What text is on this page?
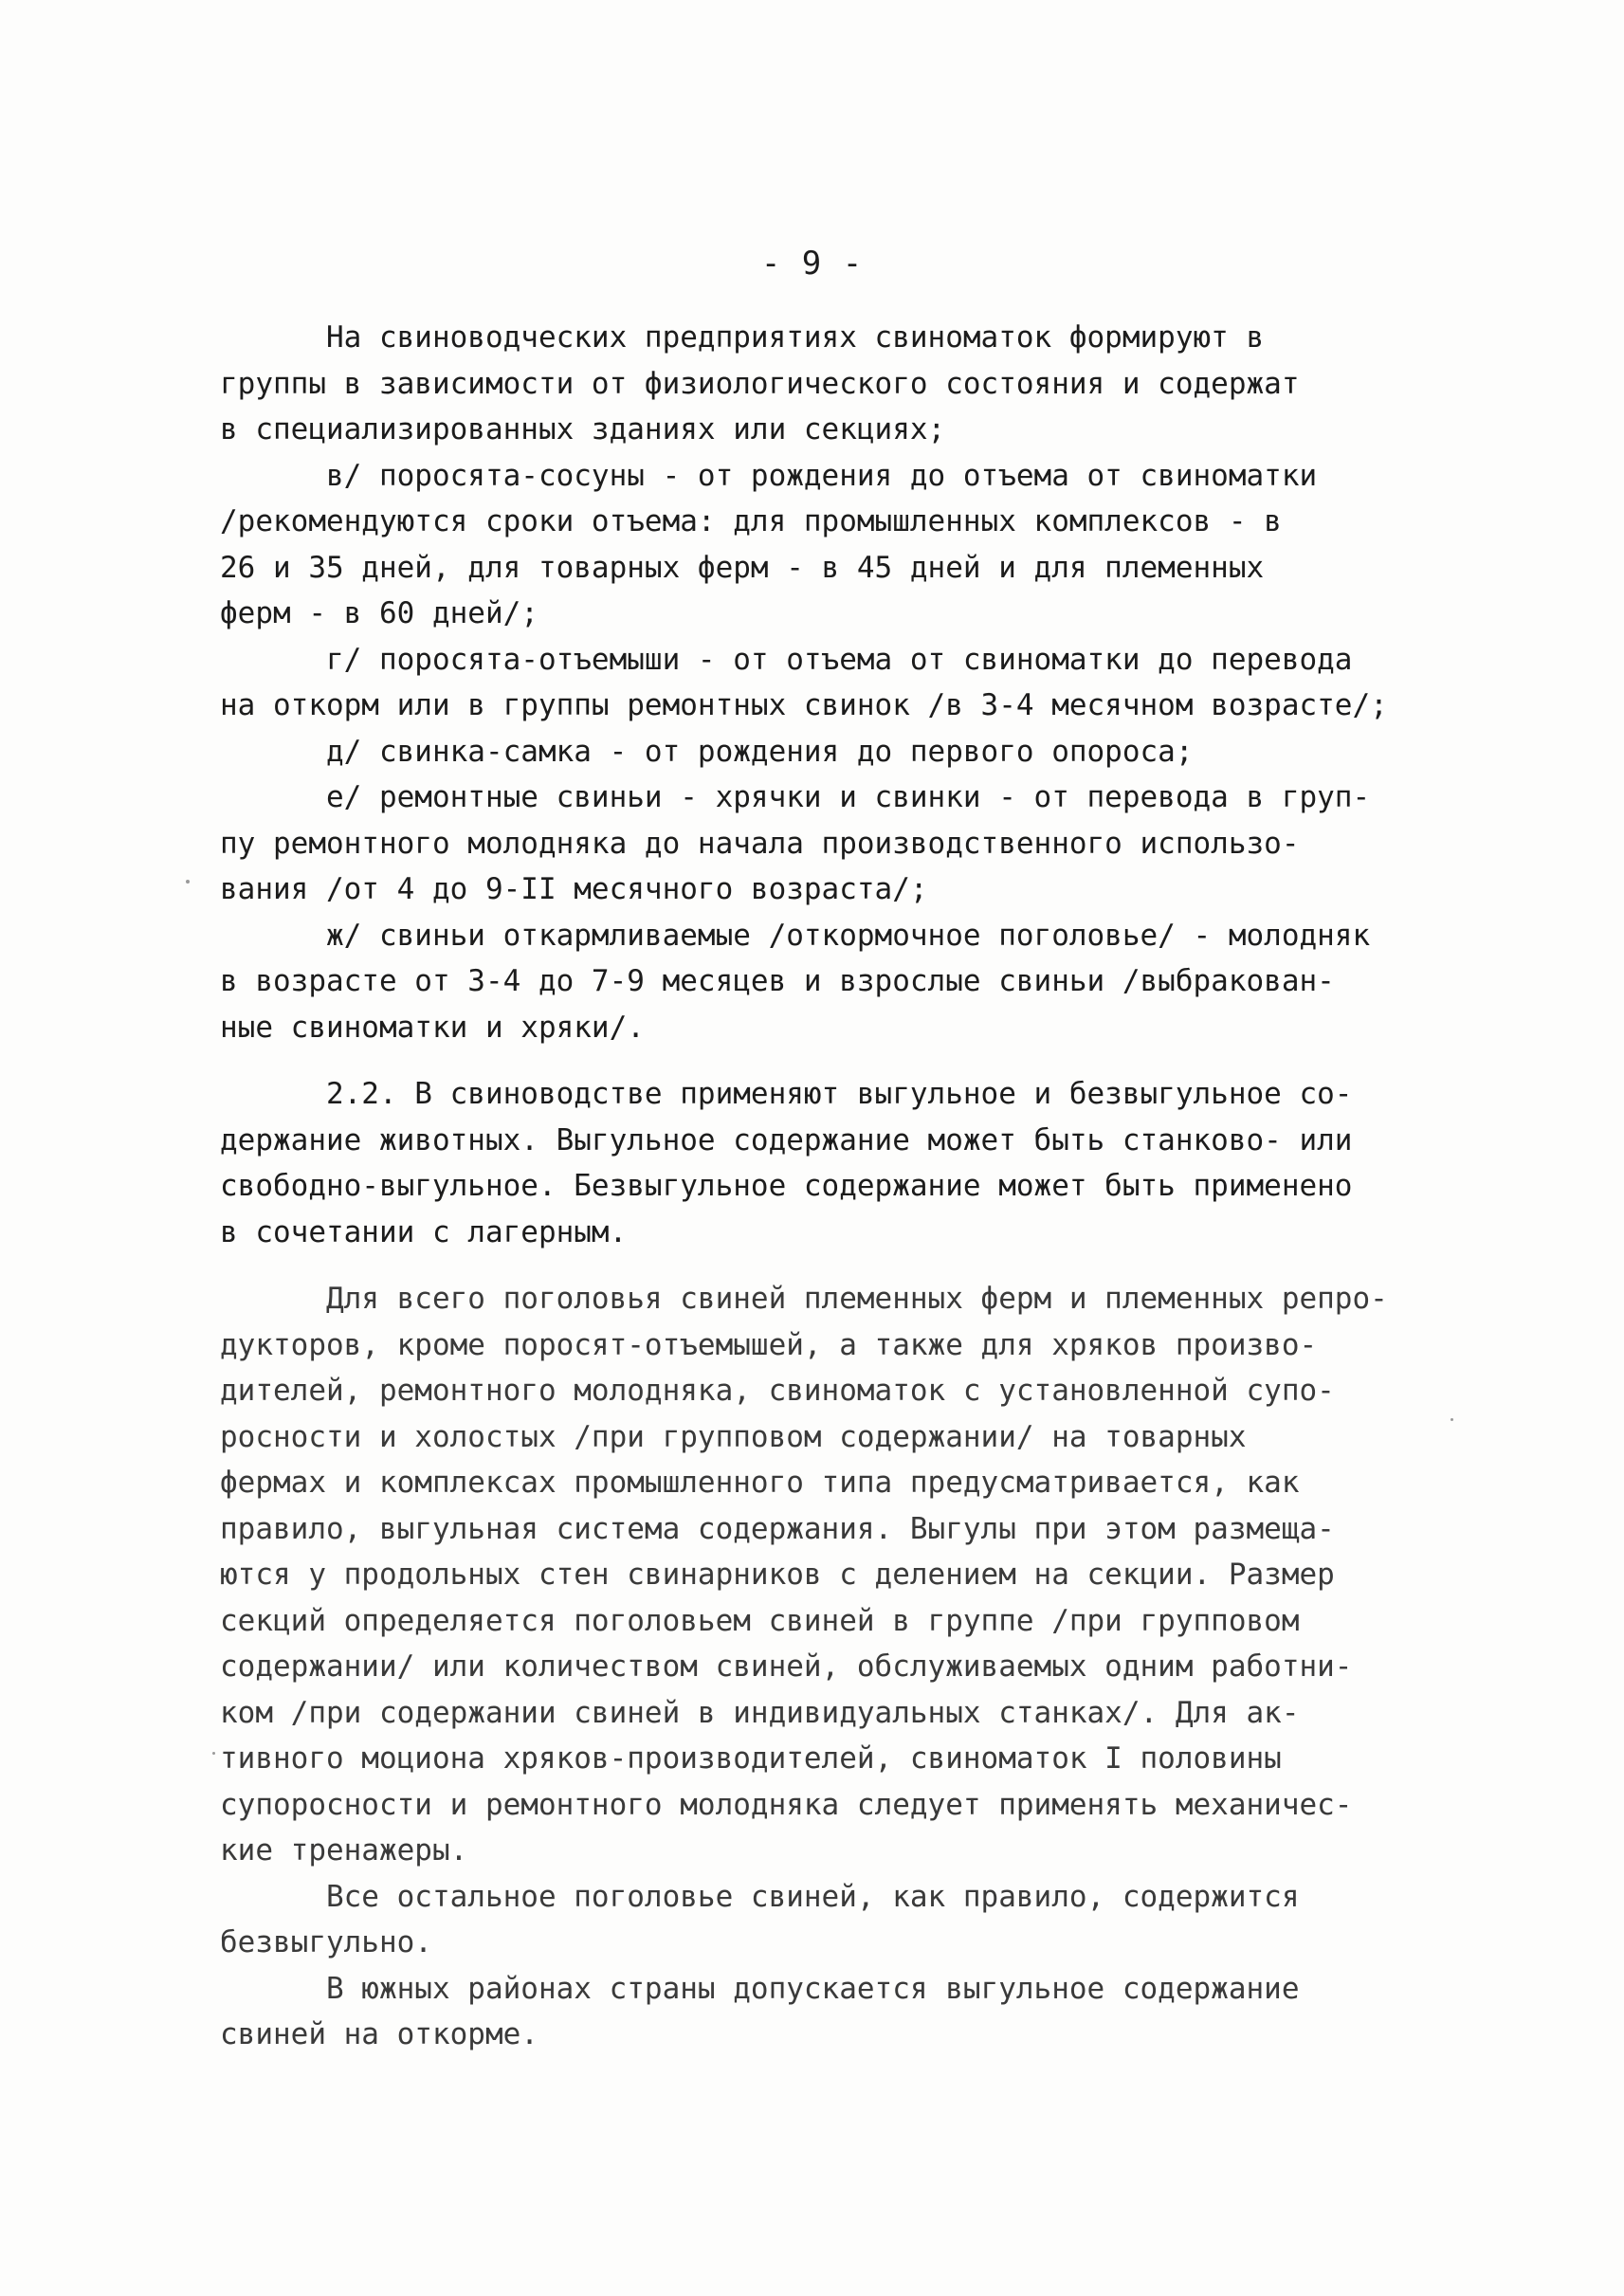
- 9 -
На свиноводческих предприятиях свиноматок формируют в
группы в зависимости от физиологического состояния и содержат
в специализированных зданиях или секциях;
в/ поросята-сосуны - от рождения до отъема от свиноматки
/рекомендуются сроки отъема: для промышленных комплексов - в
26 и 35 дней, для товарных ферм - в 45 дней и для племенных
ферм - в 60 дней/;
г/ поросята-отъемыши - от отъема от свиноматки до перевода
на откорм или в группы ремонтных свинок /в 3-4 месячном возрасте/;
д/ свинка-самка - от рождения до первого опороса;
е/ ремонтные свиньи - хрячки и свинки - от перевода в груп-
пу ремонтного молодняка до начала производственного использо-
вания /от 4 до 9-II месячного возраста/;
ж/ свиньи откармливаемые /откормочное поголовье/ - молодняк
в возрасте от 3-4 до 7-9 месяцев и взрослые свиньи /выбракован-
ные свиноматки и хряки/.
2.2. В свиноводстве применяют выгульное и безвыгульное со-
держание животных. Выгульное содержание может быть станково- или
свободно-выгульное. Безвыгульное содержание может быть применено
в сочетании с лагерным.
Для всего поголовья свиней племенных ферм и племенных репро-
дукторов, кроме поросят-отъемышей, а также для хряков произво-
дителей, ремонтного молодняка, свиноматок с установленной супо-
росности и холостых /при групповом содержании/ на товарных
фермах и комплексах промышленного типа предусматривается, как
правило, выгульная система содержания. Выгулы при этом размеща-
ются у продольных стен свинарников с делением на секции. Размер
секций определяется поголовьем свиней в группе /при групповом
содержании/ или количеством свиней, обслуживаемых одним работни-
ком /при содержании свиней в индивидуальных станках/. Для ак-
тивного моциона хряков-производителей, свиноматок I половины
супоросности и ремонтного молодняка следует применять механичес-
кие тренажеры.
Все остальное поголовье свиней, как правило, содержится
безвыгульно.
В южных районах страны допускается выгульное содержание
свиней на откорме.
